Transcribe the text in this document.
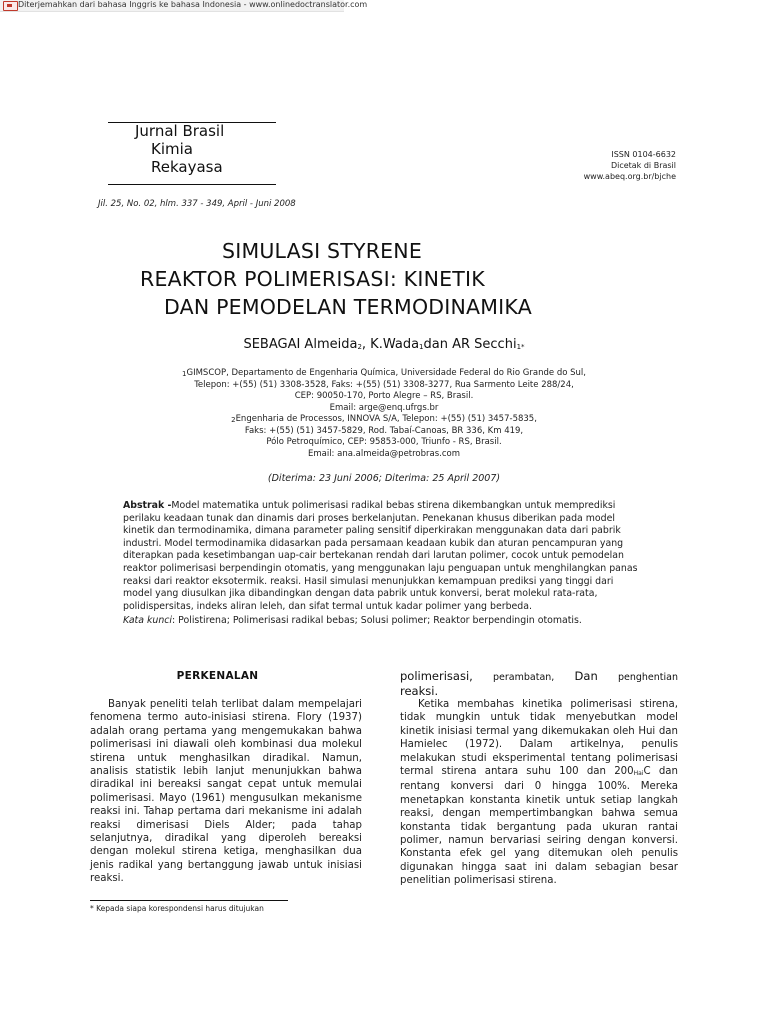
Diterjemahkan dari bahasa Inggris ke bahasa Indonesia - www.onlinedoctranslator.com
Jurnal Brasil
Kimia
Rekayasa
ISSN 0104-6632
Dicetak di Brasil
www.abeq.org.br/bjche
Jil. 25, No. 02, hlm. 337 - 349, April - Juni 2008
SIMULASI STYRENE
REAKTOR POLIMERISASI: KINETIK
DAN PEMODELAN TERMODINAMIKA
SEBAGAI Almeida2, K.Wada1dan AR Secchi1*
1GIMSCOP, Departamento de Engenharia Química, Universidade Federal do Rio Grande do Sul,
Telepon: +(55) (51) 3308-3528, Faks: +(55) (51) 3308-3277, Rua Sarmento Leite 288/24,
CEP: 90050-170, Porto Alegre – RS, Brasil.
Email: arge@enq.ufrgs.br
2Engenharia de Processos, INNOVA S/A, Telepon: +(55) (51) 3457-5835,
Faks: +(55) (51) 3457-5829, Rod. Tabaí-Canoas, BR 336, Km 419,
Pólo Petroquímico, CEP: 95853-000, Triunfo - RS, Brasil.
Email: ana.almeida@petrobras.com
(Diterima: 23 Juni 2006; Diterima: 25 April 2007)
Abstrak -Model matematika untuk polimerisasi radikal bebas stirena dikembangkan untuk memprediksi perilaku keadaan tunak dan dinamis dari proses berkelanjutan. Penekanan khusus diberikan pada model kinetik dan termodinamika, dimana parameter paling sensitif diperkirakan menggunakan data dari pabrik industri. Model termodinamika didasarkan pada persamaan keadaan kubik dan aturan pencampuran yang diterapkan pada kesetimbangan uap-cair bertekanan rendah dari larutan polimer, cocok untuk pemodelan reaktor polimerisasi berpendingin otomatis, yang menggunakan laju penguapan untuk menghilangkan panas reaksi dari reaktor eksotermik. reaksi. Hasil simulasi menunjukkan kemampuan prediksi yang tinggi dari model yang diusulkan jika dibandingkan dengan data pabrik untuk konversi, berat molekul rata-rata, polidispersitas, indeks aliran leleh, dan sifat termal untuk kadar polimer yang berbeda.
Kata kunci: Polistirena; Polimerisasi radikal bebas; Solusi polimer; Reaktor berpendingin otomatis.
PERKENALAN
Banyak peneliti telah terlibat dalam mempelajari fenomena termo auto-inisiasi stirena. Flory (1937) adalah orang pertama yang mengemukakan bahwa polimerisasi ini diawali oleh kombinasi dua molekul stirena untuk menghasilkan diradikal. Namun, analisis statistik lebih lanjut menunjukkan bahwa diradikal ini bereaksi sangat cepat untuk memulai polimerisasi. Mayo (1961) mengusulkan mekanisme reaksi ini. Tahap pertama dari mekanisme ini adalah reaksi dimerisasi Diels Alder; pada tahap selanjutnya, diradikal yang diperoleh bereaksi dengan molekul stirena ketiga, menghasilkan dua jenis radikal yang bertanggung jawab untuk inisiasi reaksi.
polimerisasi, perambatan, Dan penghentian
reaksi.
Ketika membahas kinetika polimerisasi stirena, tidak mungkin untuk tidak menyebutkan model kinetik inisiasi termal yang dikemukakan oleh Hui dan Hamielec (1972). Dalam artikelnya, penulis melakukan studi eksperimental tentang polimerisasi termal stirena antara suhu 100 dan 200HaiC dan rentang konversi dari 0 hingga 100%. Mereka menetapkan konstanta kinetik untuk setiap langkah reaksi, dengan mempertimbangkan bahwa semua konstanta tidak bergantung pada ukuran rantai polimer, namun bervariasi seiring dengan konversi. Konstanta efek gel yang ditemukan oleh penulis digunakan hingga saat ini dalam sebagian besar penelitian polimerisasi stirena.
* Kepada siapa korespondensi harus ditujukan
